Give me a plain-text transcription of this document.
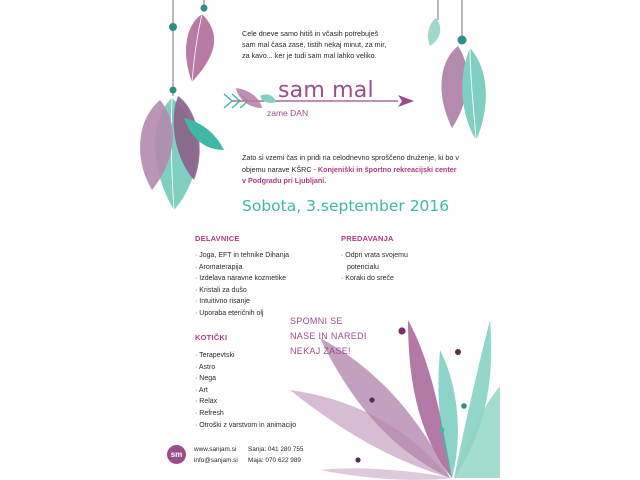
Cele dneve samo hitiš in včasih potrebuješ
sam mal časa zase, tistih nekaj minut, za mir,
za kavo... ker je tudi sam mal lahko veliko.
sam mal
zame DAN
Zato si vzemi čas in pridi na celodnevno sproščeno druženje, ki bo v objemu narave KŠRC - Konjeniški in športno rekreacijski center v Podgradu pri Ljubljani.
Sobota, 3.september 2016
DELAVNICE
· Joga, EFT in tehnike Dihanja
· Aromaterapija
· Izdelava naravne kozmetike
· Kristali za dušo
· Intuitivno risanje
· Uporaba eteričnih olj
PREDAVANJA
· Odpri vrata svojemu
potencialu
· Koraki do sreče
KOTIČKI
· Terapevtski
· Astro
· Nega
· Art
· Relax
· Refresh
· Otroški z varstvom in animacijo
SPOMNI SE
NASE IN NAREDI
NEKAJ ZASE!
sm
www.sanjam.si
info@sanjam.si
Sanja: 041 280 755
Maja: 070 622 989
